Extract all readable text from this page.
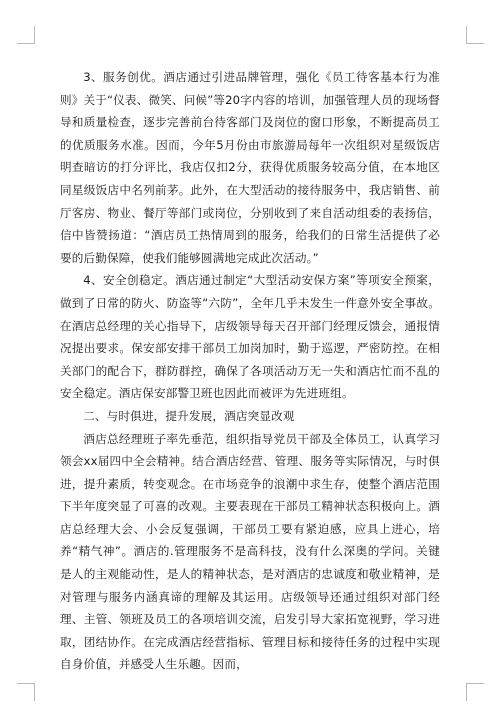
3、服务创优。酒店通过引进品牌管理，强化《员工待客基本行为准则》关于“仪表、微笑、问候”等20字内容的培训，加强管理人员的现场督导和质量检查，逐步完善前台待客部门及岗位的窗口形象，不断提高员工的优质服务水准。因而，今年5月份由市旅游局每年一次组织对星级饭店明查暗访的打分评比，我店仅扣2分，获得优质服务较高分值，在本地区同星级饭店中名列前茅。此外，在大型活动的接待服务中，我店销售、前厅客房、物业、餐厅等部门或岗位，分别收到了来自活动组委的表扬信，信中皆赞扬道：“酒店员工热情周到的服务，给我们的日常生活提供了必要的后勤保障，使我们能够圆满地完成此次活动。”

4、安全创稳定。酒店通过制定“大型活动安保方案”等项安全预案，做到了日常的防火、防盗等“六防”，全年几乎未发生一件意外安全事故。在酒店总经理的关心指导下，店级领导每天召开部门经理反馈会，通报情况提出要求。保安部安排干部员工加岗加时，勤于巡逻，严密防控。在相关部门的配合下，群防群控，确保了各项活动万无一失和酒店忙而不乱的安全稳定。酒店保安部警卫班也因此而被评为先进班组。

二、与时俱进，提升发展，酒店突显改观

酒店总经理班子率先垂范，组织指导党员干部及全体员工，认真学习领会xx届四中全会精神。结合酒店经营、管理、服务等实际情况，与时俱进，提升素质，转变观念。在市场竞争的浪潮中求生存，使整个酒店范围下半年度突显了可喜的改观。主要表现在干部员工精神状态积极向上。酒店总经理大会、小会反复强调，干部员工要有紧迫感，应具上进心，培养“精气神”。酒店的.管理服务不是高科技，没有什么深奥的学问。关键是人的主观能动性，是人的精神状态，是对酒店的忠诚度和敬业精神，是对管理与服务内涵真谛的理解及其运用。店级领导还通过组织对部门经理、主管、领班及员工的各项培训交流，启发引导大家拓宽视野，学习进取，团结协作。在完成酒店经营指标、管理目标和接待任务的过程中实现自身价值，并感受人生乐趣。因而，
